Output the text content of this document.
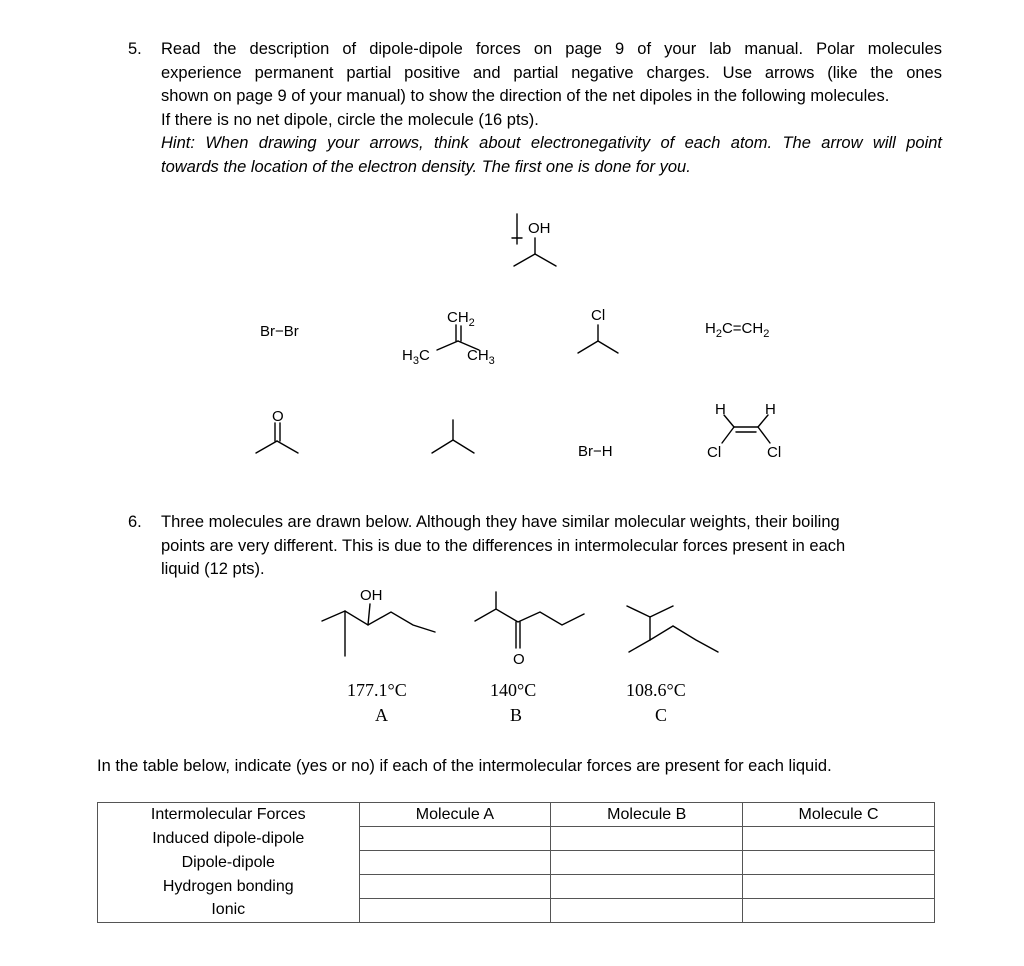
5. Read the description of dipole-dipole forces on page 9 of your lab manual. Polar molecules
experience permanent partial positive and partial negative charges. Use arrows (like the ones
shown on page 9 of your manual) to show the direction of the net dipoles in the following molecules.
If there is no net dipole, circle the molecule (16 pts).
Hint: When drawing your arrows, think about electronegativity of each atom. The arrow will point
towards the location of the electron density. The first one is done for you.
OH
Br−Br
$CH_2$
$H_3C$ $CH_3$
Cl
$H_2C=CH_2$
O
Br−H
H	H
Cl	Cl
OH
O
177.1°C
A
140°C
B
108.6°C
C
6. Three molecules are drawn below. Although they have similar molecular weights, their boiling
points are very different. This is due to the differences in intermolecular forces present in each
liquid (12 pts).
In the table below, indicate (yes or no) if each of the intermolecular forces are present for each liquid.
Intermolecular Forces	Molecule A	Molecule B	Molecule C
Induced dipole-dipole			
Dipole-dipole			
Hydrogen bonding			
Ionic			
